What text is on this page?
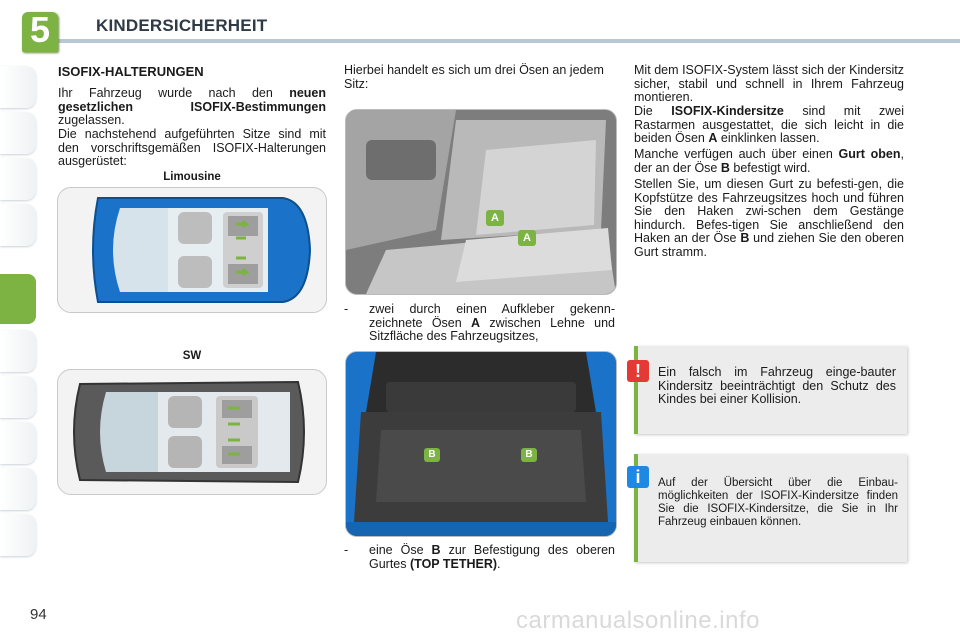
5	KINDERSICHERHEIT
ISOFIX-HALTERUNGEN
Ihr Fahrzeug wurde nach den neuen gesetzlichen ISOFIX-Bestimmungen zugelassen.
Die nachstehend aufgeführten Sitze sind mit den vorschriftsgemäßen ISOFIX-Halterungen ausgerüstet:
Limousine
SW
Hierbei handelt es sich um drei Ösen an jedem Sitz:
A
A
-	zwei durch einen Aufkleber gekenn-zeichnete Ösen A zwischen Lehne und Sitzfläche des Fahrzeugsitzes,
B	B
-	eine Öse B zur Befestigung des oberen Gurtes (TOP TETHER).
Mit dem ISOFIX-System lässt sich der Kindersitz sicher, stabil und schnell in Ihrem Fahrzeug montieren.
Die ISOFIX-Kindersitze sind mit zwei Rastarmen ausgestattet, die sich leicht in die beiden Ösen A einklinken lassen.
Manche verfügen auch über einen Gurt oben, der an der Öse B befestigt wird.
Stellen Sie, um diesen Gurt zu befesti-gen, die Kopfstütze des Fahrzeugsitzes hoch und führen Sie den Haken zwi-schen dem Gestänge hindurch. Befes-tigen Sie anschließend den Haken an der Öse B und ziehen Sie den oberen Gurt stramm.
!	Ein falsch im Fahrzeug einge-bauter Kindersitz beeinträchtigt den Schutz des Kindes bei einer Kollision.
i	Auf der Übersicht über die Einbau-möglichkeiten der ISOFIX-Kindersitze finden Sie die ISOFIX-Kindersitze, die Sie in Ihr Fahrzeug einbauen können.
94	carmanualsonline.info
